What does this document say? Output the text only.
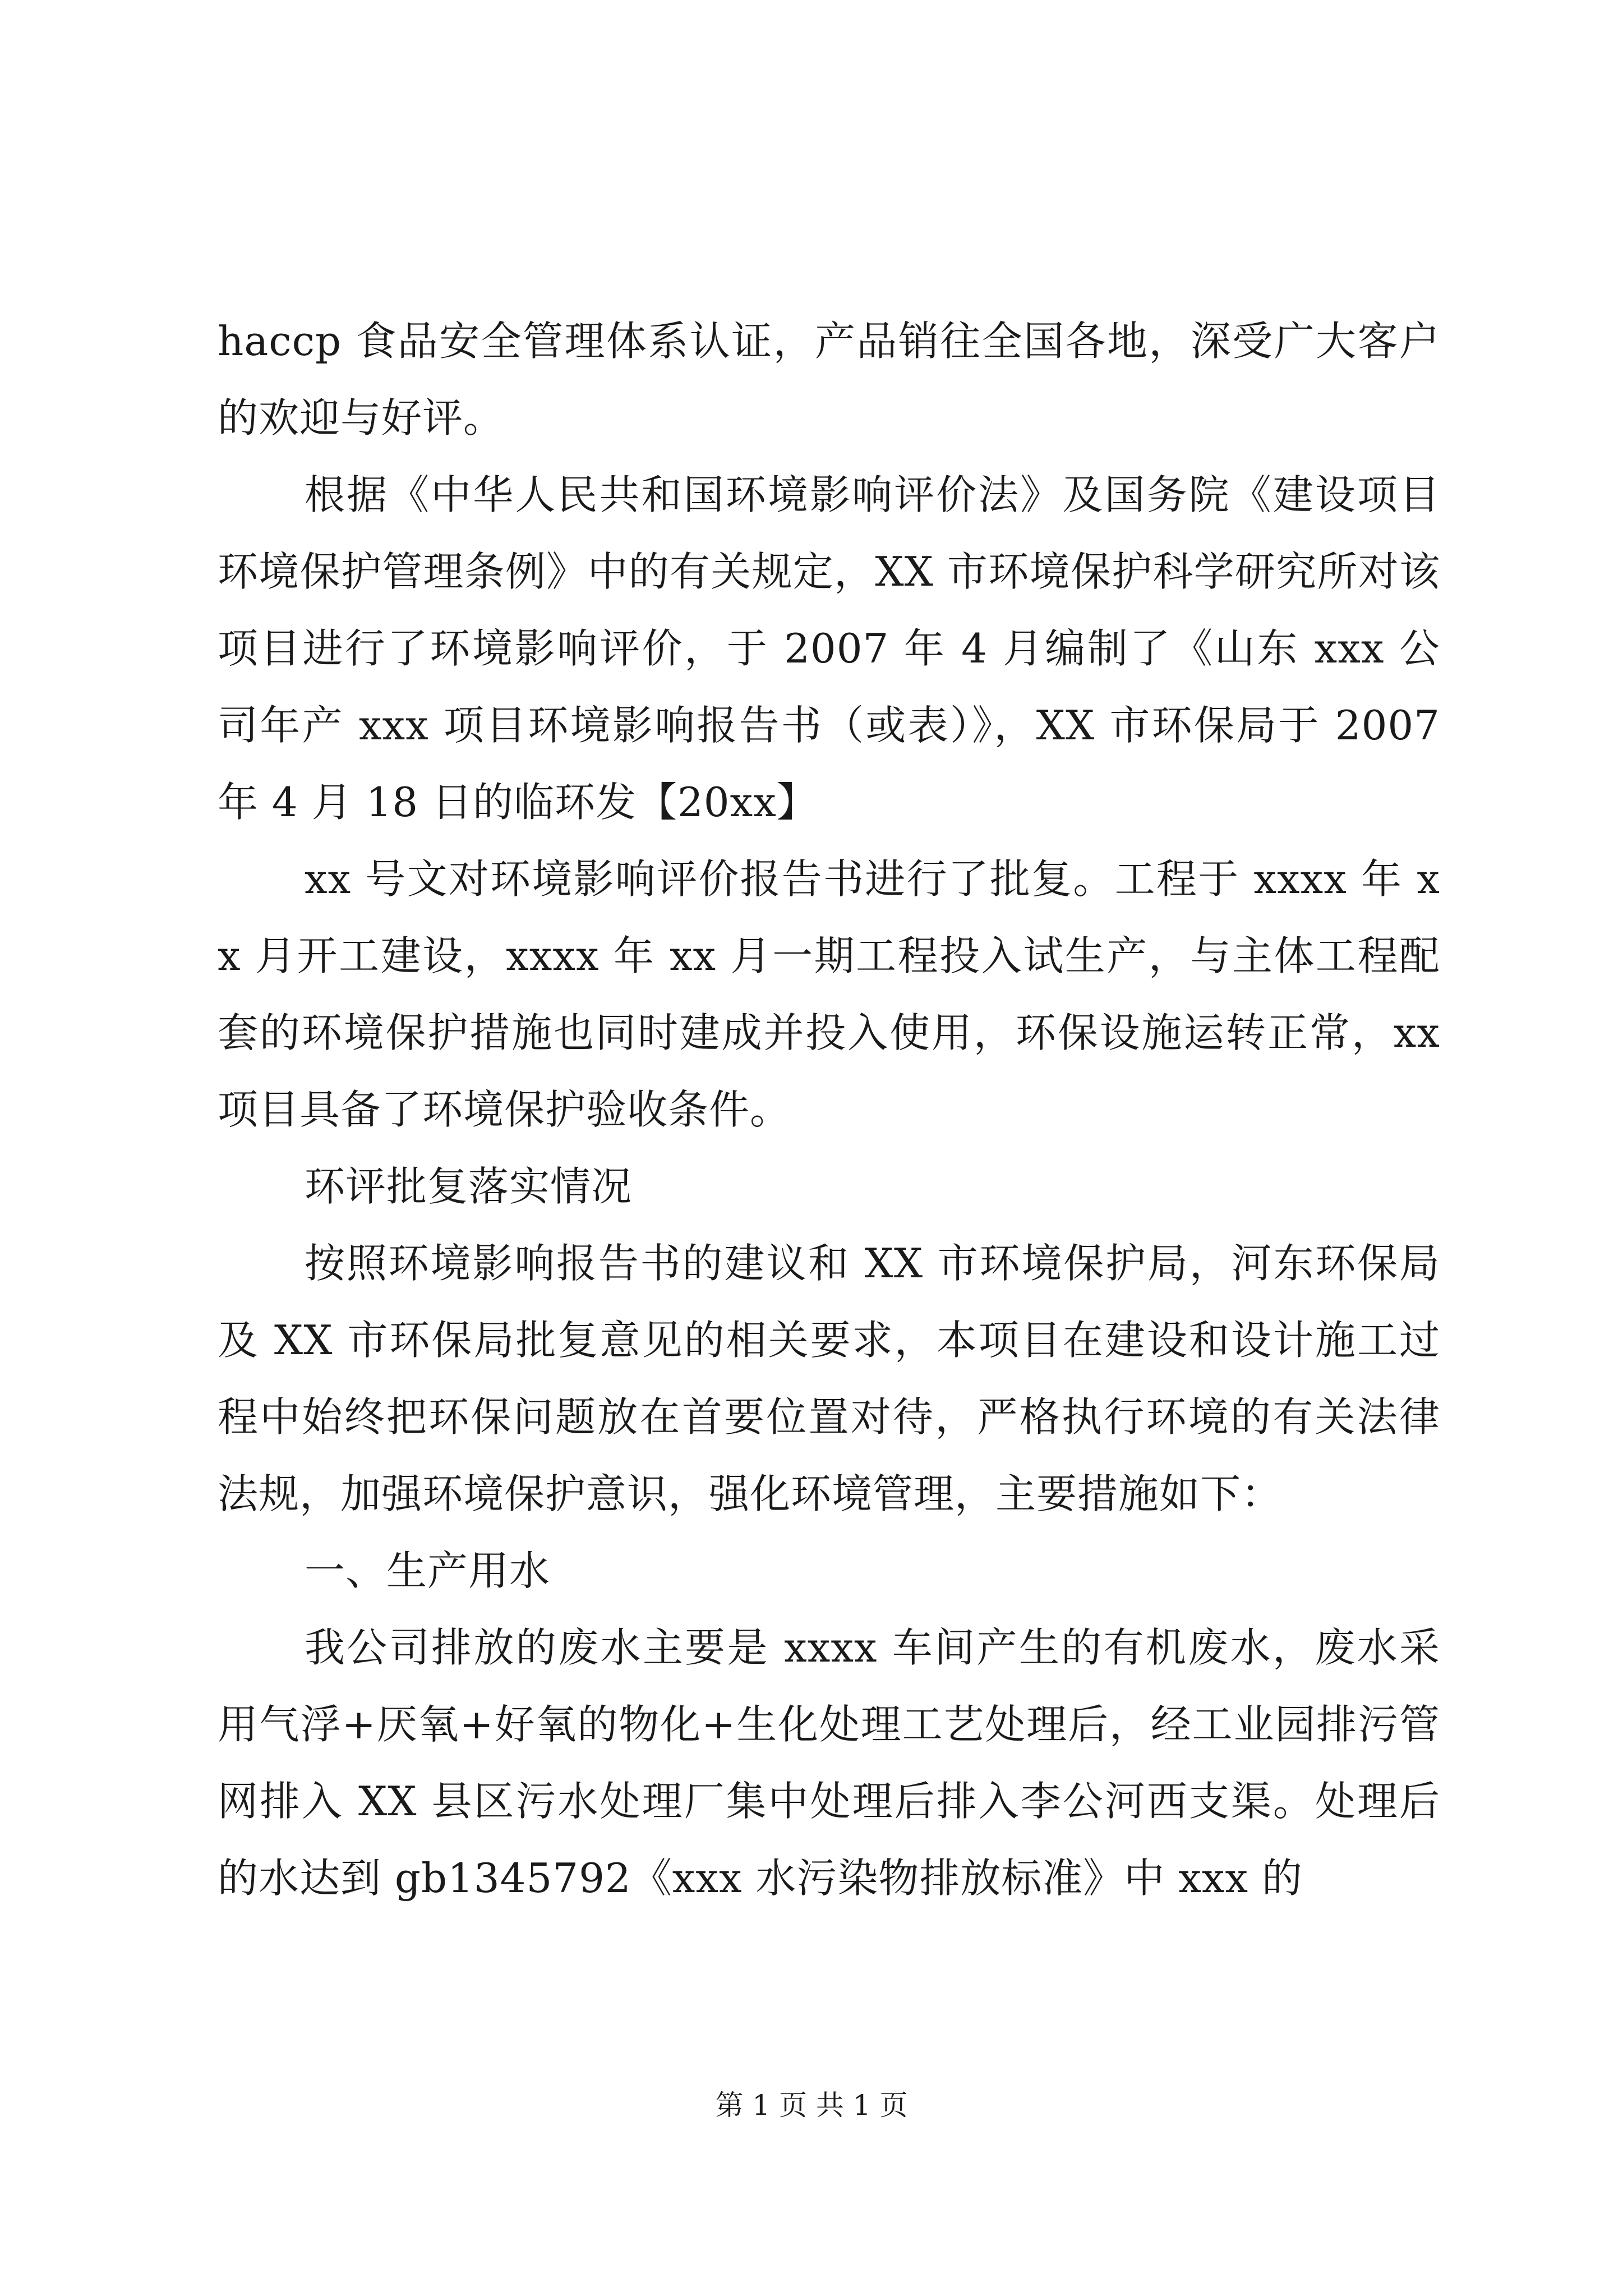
haccp 食品安全管理体系认证，产品销往全国各地，深受广大客户的欢迎与好评。

根据《中华人民共和国环境影响评价法》及国务院《建设项目环境保护管理条例》中的有关规定，XX 市环境保护科学研究所对该项目进行了环境影响评价，于 2007 年 4 月编制了《山东 xxx 公司年产 xxx 项目环境影响报告书（或表）》，XX 市环保局于 2007 年 4 月 18 日的临环发【20xx】

xx 号文对环境影响评价报告书进行了批复。工程于 xxxx 年 xx 月开工建设，xxxx 年 xx 月一期工程投入试生产，与主体工程配套的环境保护措施也同时建成并投入使用，环保设施运转正常，xx 项目具备了环境保护验收条件。

环评批复落实情况

按照环境影响报告书的建议和 XX 市环境保护局，河东环保局及 XX 市环保局批复意见的相关要求，本项目在建设和设计施工过程中始终把环保问题放在首要位置对待，严格执行环境的有关法律法规，加强环境保护意识，强化环境管理，主要措施如下：

一、生产用水

我公司排放的废水主要是 xxxx 车间产生的有机废水，废水采用气浮+厌氧+好氧的物化+生化处理工艺处理后，经工业园排污管网排入 XX 县区污水处理厂集中处理后排入李公河西支渠。处理后的水达到 gb1345792《xxx 水污染物排放标准》中 xxx 的

第 1 页 共 1 页
